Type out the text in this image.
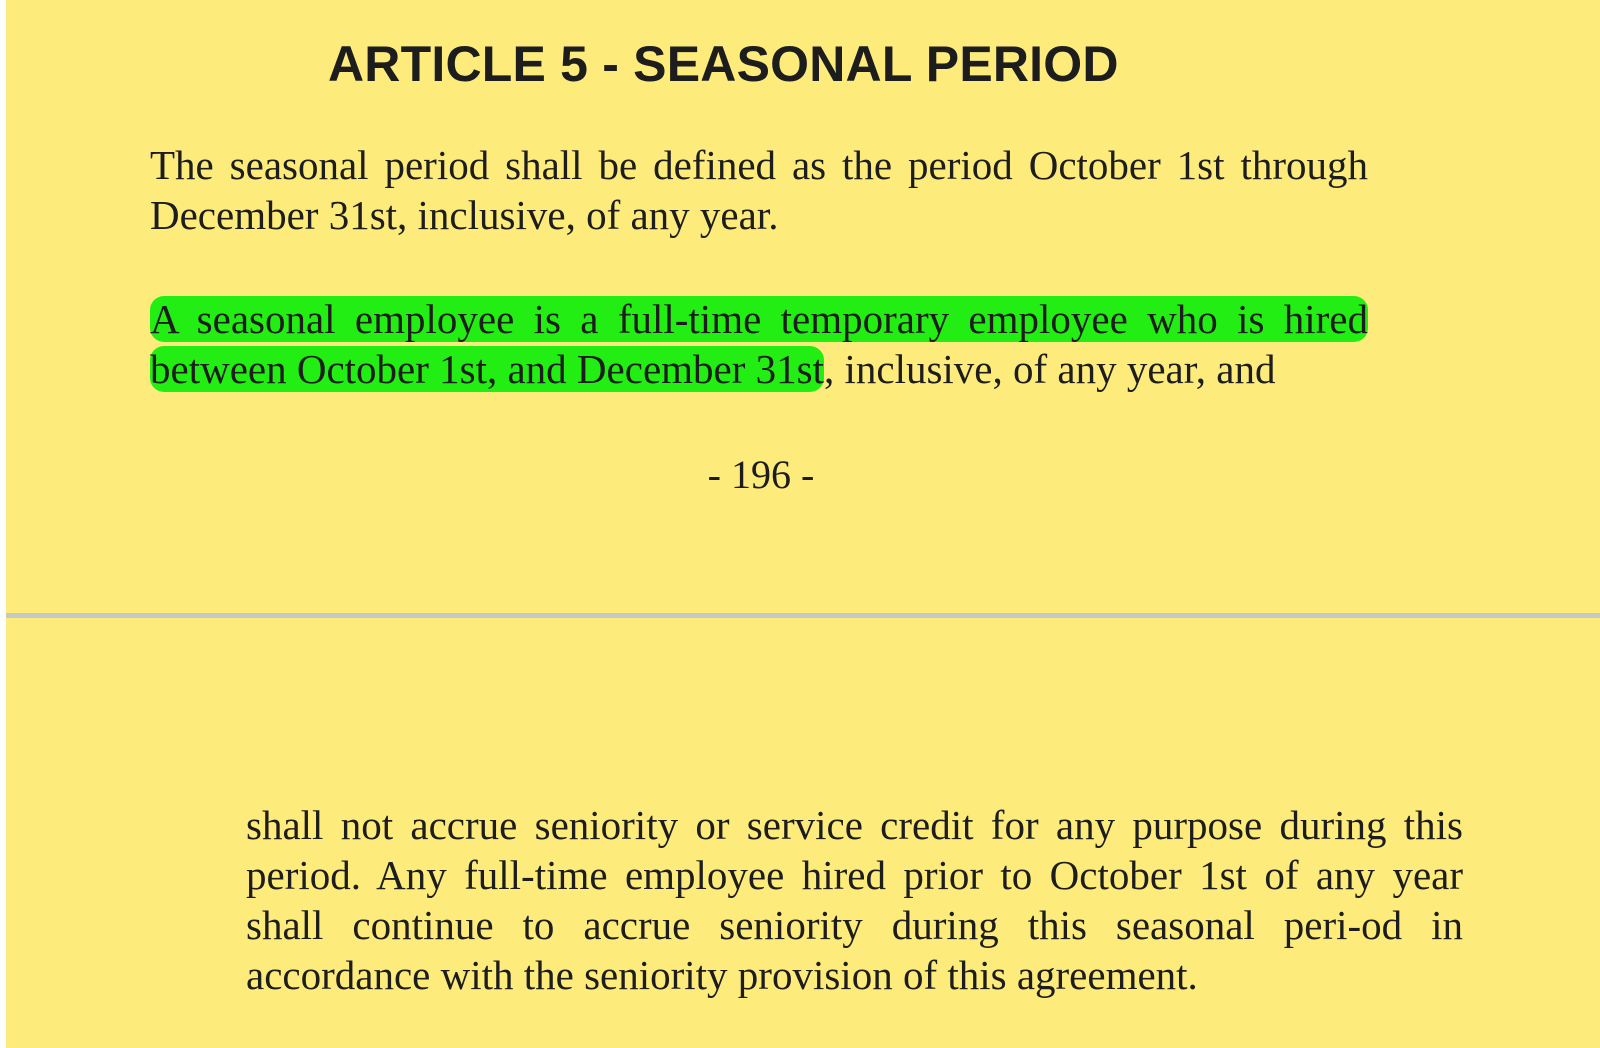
ARTICLE 5 - SEASONAL PERIOD

The seasonal period shall be defined as the period October 1st through December 31st, inclusive, of any year.

A seasonal employee is a full-time temporary employee who is hired between October 1st, and December 31st, inclusive, of any year, and

- 196 -

shall not accrue seniority or service credit for any purpose during this period. Any full-time employee hired prior to October 1st of any year shall continue to accrue seniority during this seasonal peri-od in accordance with the seniority provision of this agreement.
